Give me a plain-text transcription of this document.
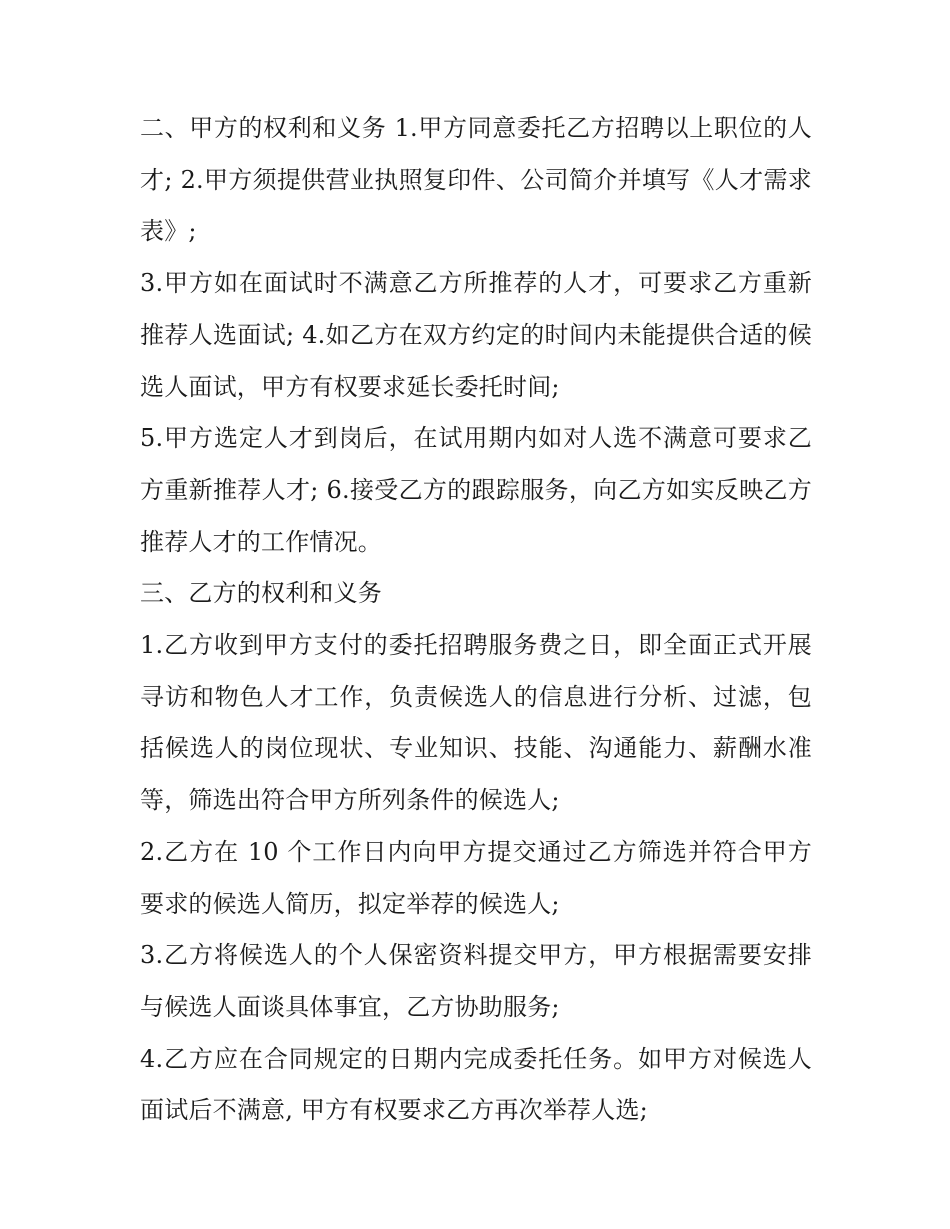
二、甲方的权利和义务 1.甲方同意委托乙方招聘以上职位的人才; 2.甲方须提供营业执照复印件、公司简介并填写《人才需求表》;

3.甲方如在面试时不满意乙方所推荐的人才，可要求乙方重新推荐人选面试; 4.如乙方在双方约定的时间内未能提供合适的候选人面试，甲方有权要求延长委托时间;

5.甲方选定人才到岗后，在试用期内如对人选不满意可要求乙方重新推荐人才; 6.接受乙方的跟踪服务，向乙方如实反映乙方推荐人才的工作情况。

三、乙方的权利和义务

1.乙方收到甲方支付的委托招聘服务费之日，即全面正式开展寻访和物色人才工作，负责候选人的信息进行分析、过滤，包括候选人的岗位现状、专业知识、技能、沟通能力、薪酬水准等，筛选出符合甲方所列条件的候选人;

2.乙方在 10 个工作日内向甲方提交通过乙方筛选并符合甲方要求的候选人简历，拟定举荐的候选人;

3.乙方将候选人的个人保密资料提交甲方，甲方根据需要安排与候选人面谈具体事宜，乙方协助服务;

4.乙方应在合同规定的日期内完成委托任务。如甲方对候选人面试后不满意, 甲方有权要求乙方再次举荐人选;
